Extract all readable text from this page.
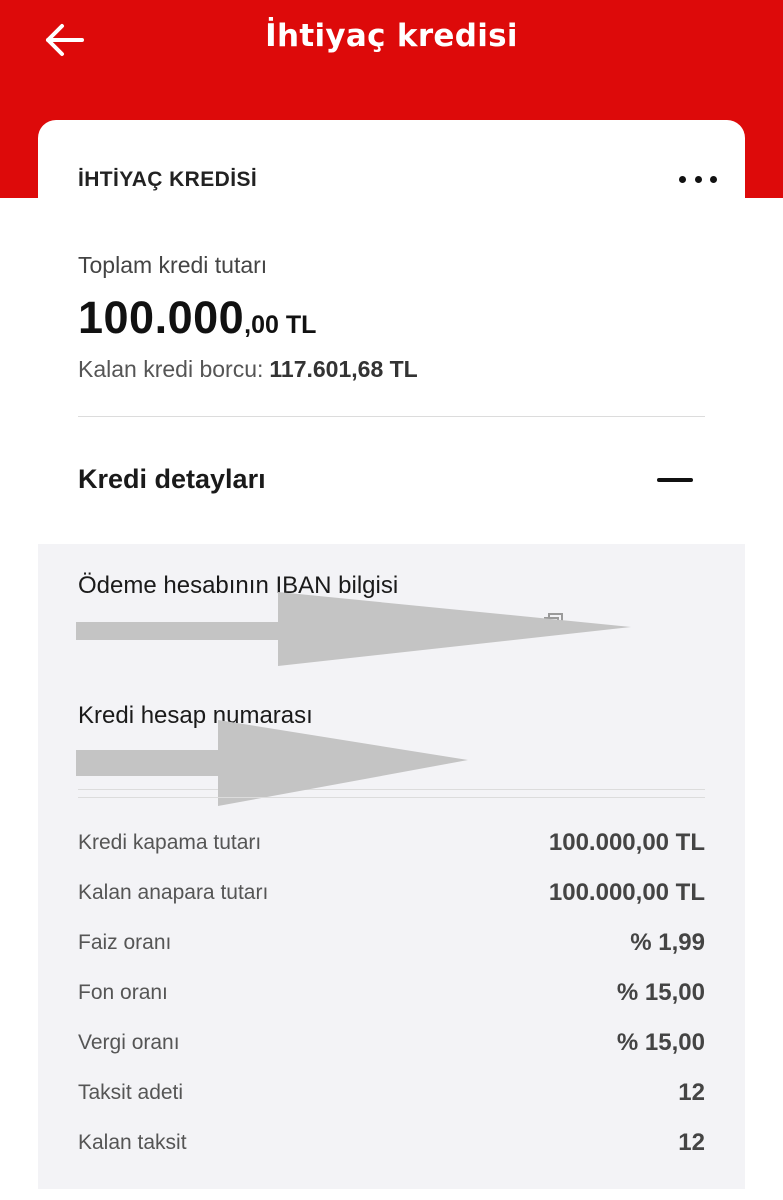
İhtiyaç kredisi
İHTİYAÇ KREDİSİ
Toplam kredi tutarı
100.000,00 TL
Kalan kredi borcu: 117.601,68 TL
Kredi detayları
Ödeme hesabının IBAN bilgisi
Kredi hesap numarası
Kredi kapama tutarı	100.000,00 TL
Kalan anapara tutarı	100.000,00 TL
Faiz oranı	% 1,99
Fon oranı	% 15,00
Vergi oranı	% 15,00
Taksit adeti	12
Kalan taksit	12
